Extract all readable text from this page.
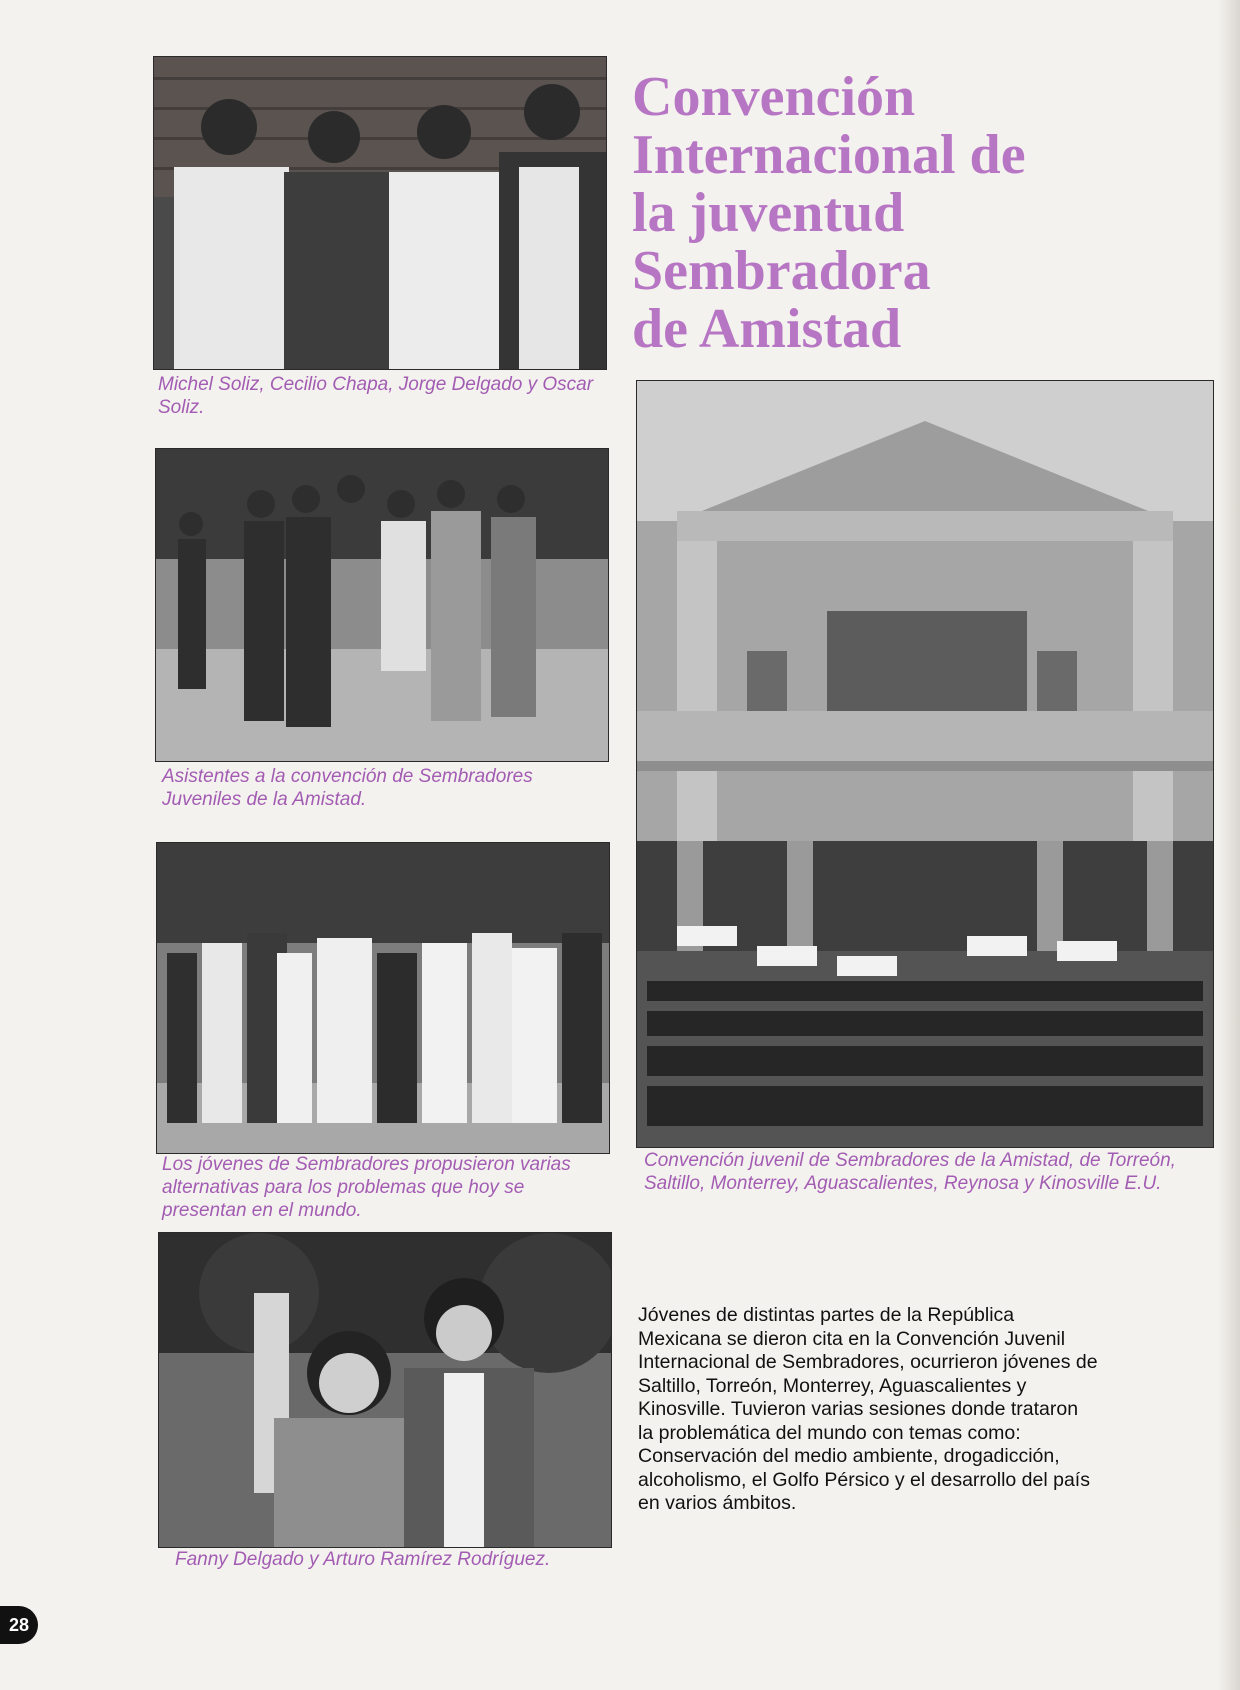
Michel Soliz, Cecilio Chapa, Jorge Delgado y Oscar Soliz.

Asistentes a la convención de Sembradores Juveniles de la Amistad.

Los jóvenes de Sembradores propusieron varias alternativas para los problemas que hoy se presentan en el mundo.

Fanny Delgado y Arturo Ramírez Rodríguez.

Convención juvenil de Sembradores de la Amistad, de Torreón, Saltillo, Monterrey, Aguascalientes, Reynosa y Kinosville E.U.

Convención
Internacional de
la juventud
Sembradora
de Amistad

Jóvenes de distintas partes de la República Mexicana se dieron cita en la Convención Juvenil Internacional de Sembradores, ocurrieron jóvenes de Saltillo, Torreón, Monterrey, Aguascalientes y Kinosville. Tuvieron varias sesiones donde trataron la problemática del mundo con temas como: Conservación del medio ambiente, drogadicción, alcoholismo, el Golfo Pérsico y el desarrollo del país en varios ámbitos.

28
